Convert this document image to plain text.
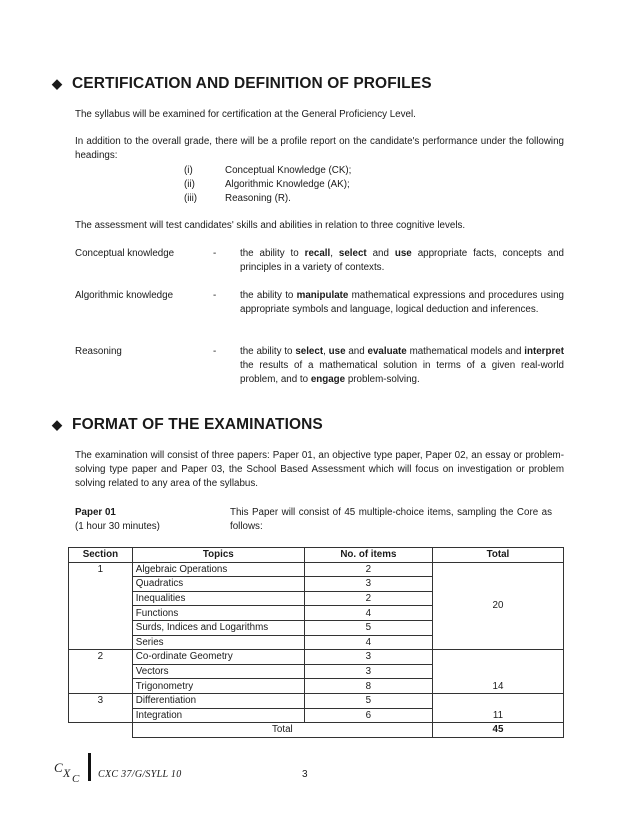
◆ CERTIFICATION AND DEFINITION OF PROFILES

The syllabus will be examined for certification at the General Proficiency Level.

In addition to the overall grade, there will be a profile report on the candidate's performance under the following headings:

(i)	Conceptual Knowledge (CK);
(ii)	Algorithmic Knowledge (AK);
(iii)	Reasoning (R).

The assessment will test candidates' skills and abilities in relation to three cognitive levels.

Conceptual knowledge	- the ability to recall, select and use appropriate facts, concepts and principles in a variety of contexts.

Algorithmic knowledge	- the ability to manipulate mathematical expressions and procedures using appropriate symbols and language, logical deduction and inferences.

Reasoning	- the ability to select, use and evaluate mathematical models and interpret the results of a mathematical solution in terms of a given real-world problem, and to engage problem-solving.

◆ FORMAT OF THE EXAMINATIONS

The examination will consist of three papers: Paper 01, an objective type paper, Paper 02, an essay or problem-solving type paper and Paper 03, the School Based Assessment which will focus on investigation or problem solving related to any area of the syllabus.

Paper 01
(1 hour 30 minutes)

This Paper will consist of 45 multiple-choice items, sampling the Core as follows:

Section	Topics	No. of items	Total
1	Algebraic Operations	2	20
	Quadratics	3	
	Inequalities	2	
	Functions	4	
	Surds, Indices and Logarithms	5	
	Series	4	
2	Co-ordinate Geometry	3	14
	Vectors	3	
	Trigonometry	8	
3	Differentiation	5	11
	Integration	6	
	Total		45
C X C CXC 37/G/SYLL 10	3
